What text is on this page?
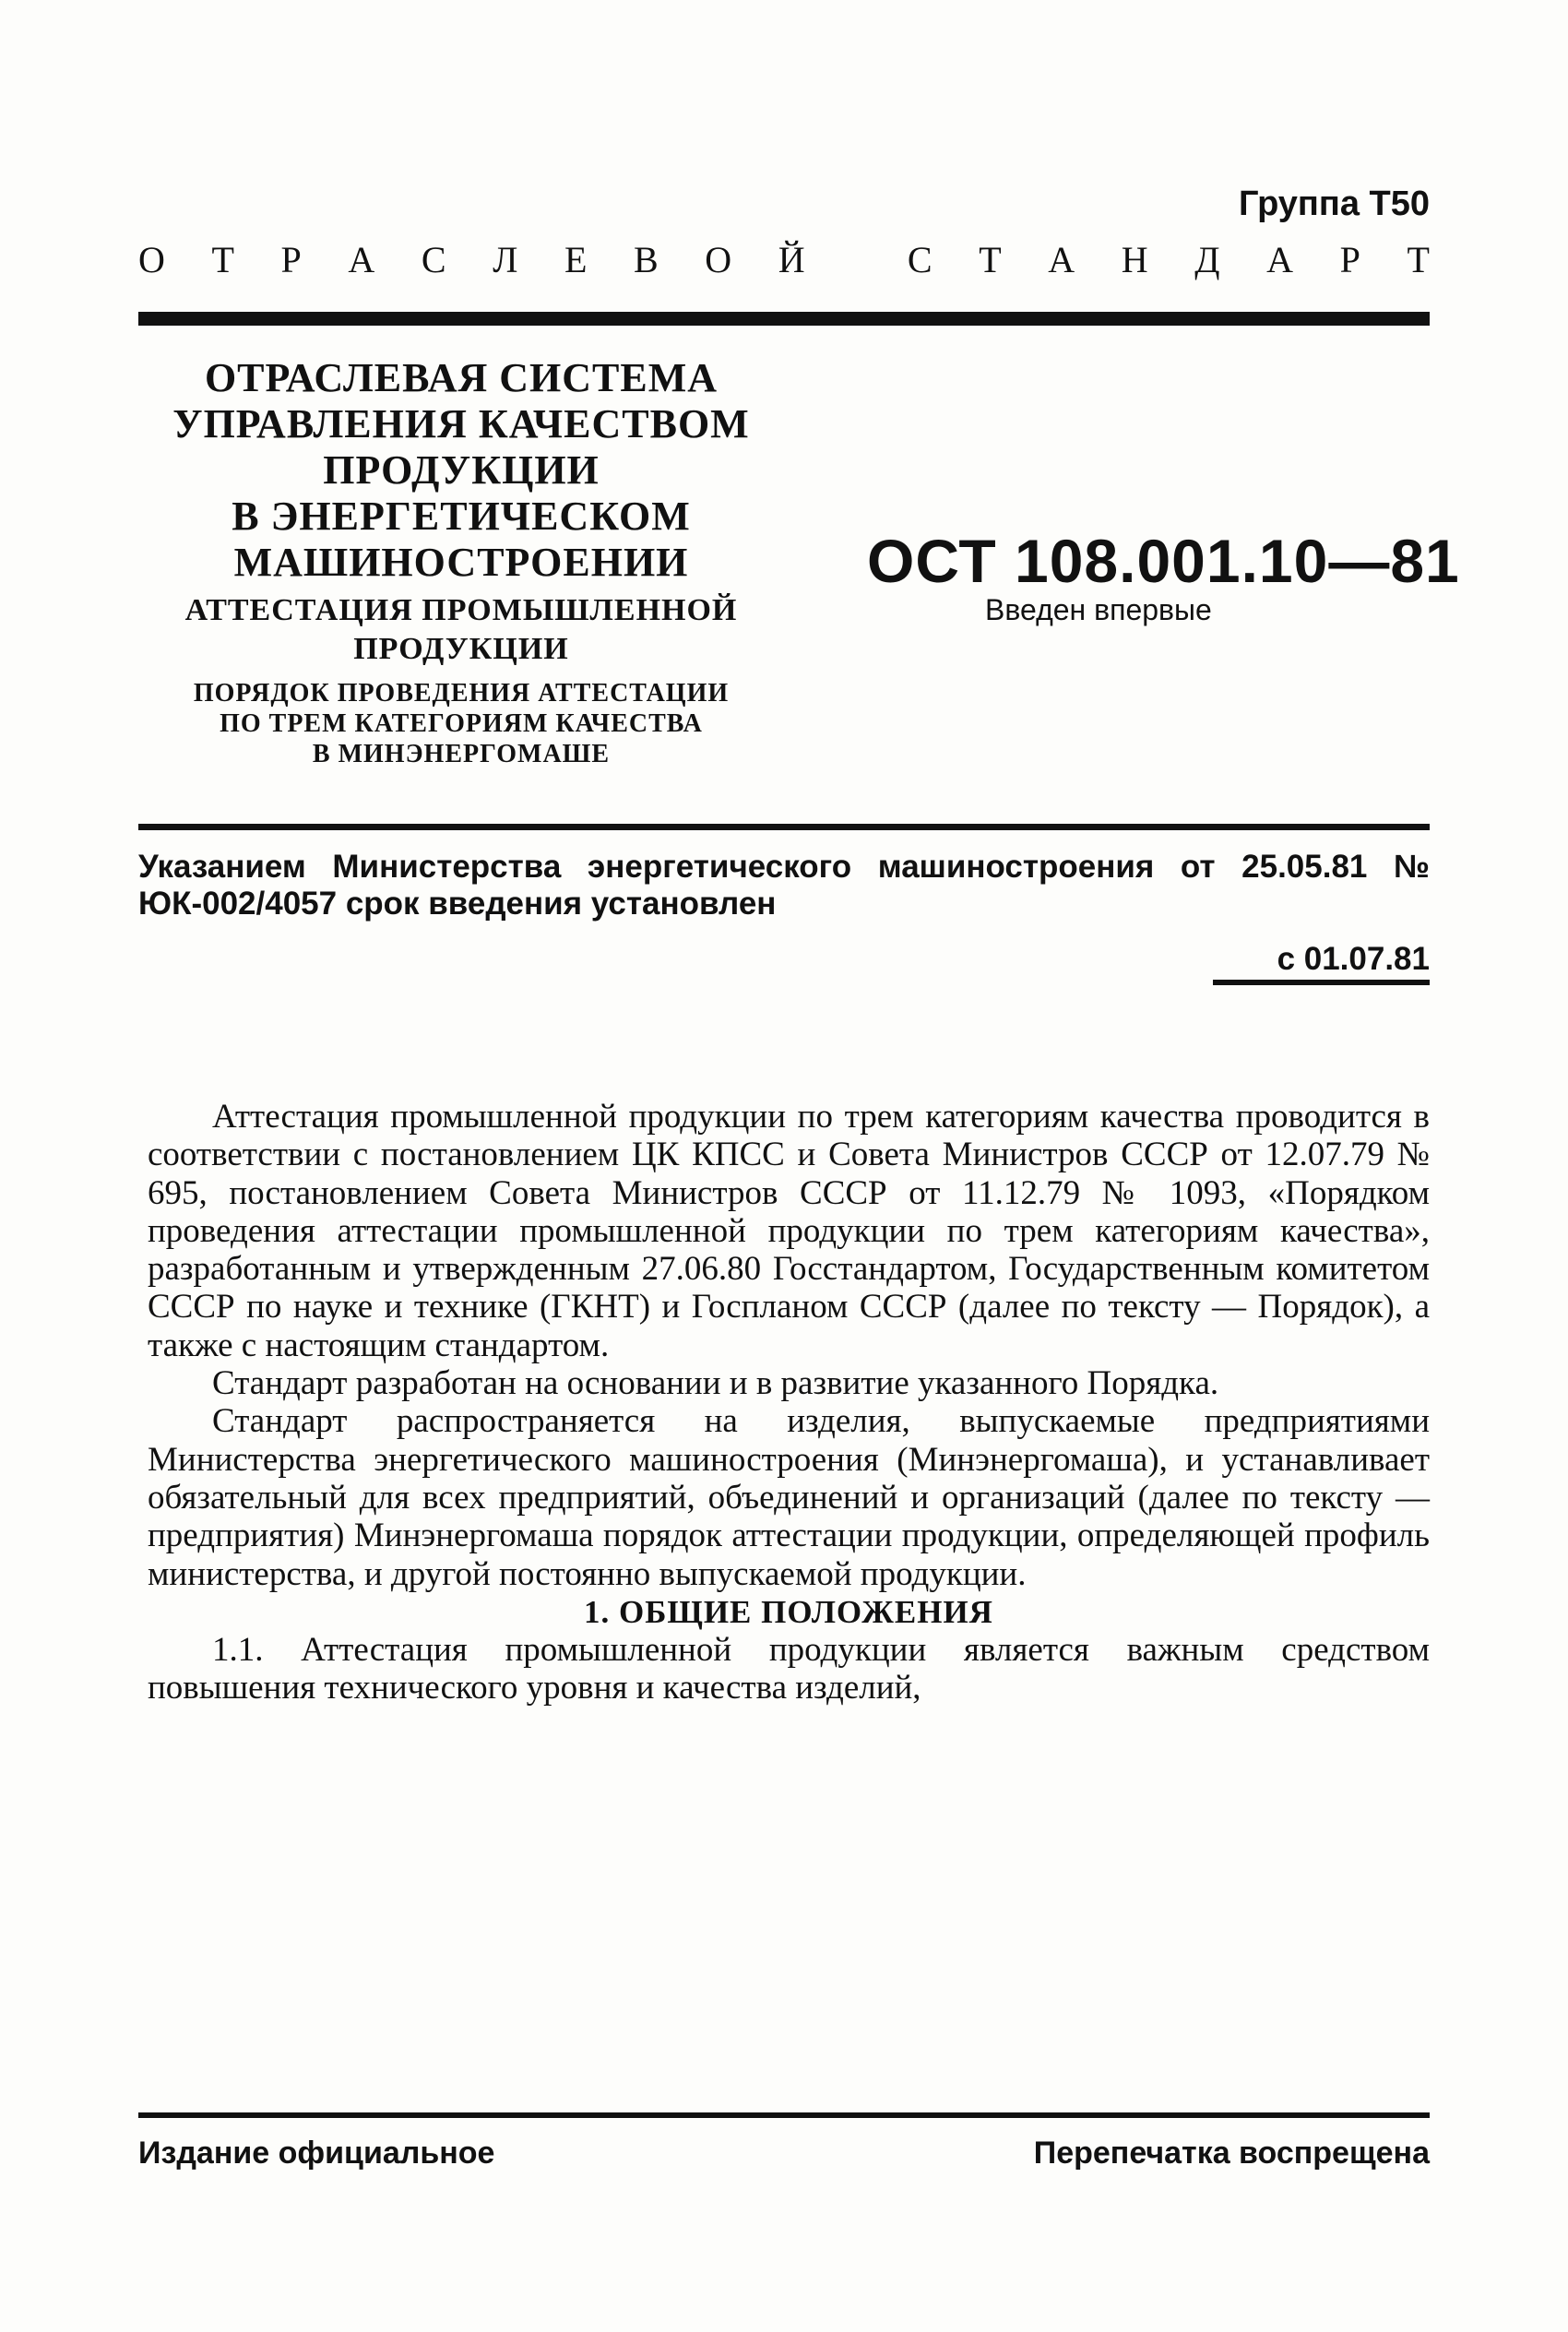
Группа Т50
О Т Р А С Л Е В О Й
	С Т А Н Д А Р Т
ОТРАСЛЕВАЯ СИСТЕМА
УПРАВЛЕНИЯ КАЧЕСТВОМ
ПРОДУКЦИИ
В ЭНЕРГЕТИЧЕСКОМ
МАШИНОСТРОЕНИИ
АТТЕСТАЦИЯ ПРОМЫШЛЕННОЙ
ПРОДУКЦИИ
ПОРЯДОК ПРОВЕДЕНИЯ АТТЕСТАЦИИ
ПО ТРЕМ КАТЕГОРИЯМ КАЧЕСТВА
В МИНЭНЕРГОМАШЕ
ОСТ 108.001.10—81
Введен впервые
Указанием Министерства энергетического машиностроения от 25.05.81 № ЮК-002/4057 срок введения установлен
с 01.07.81

Аттестация промышленной продукции по трем категориям качества проводится в соответствии с постановлением ЦК КПСС и Совета Министров СССР от 12.07.79 № 695, постановлением Совета Министров СССР от 11.12.79 № 1093, «Порядком проведения аттестации промышленной продукции по трем категориям качества», разработанным и утвержденным 27.06.80 Госстандартом, Государственным комитетом СССР по науке и технике (ГКНТ) и Госпланом СССР (далее по тексту — Порядок), а также с настоящим стандартом.

Стандарт разработан на основании и в развитие указанного Порядка.

Стандарт распространяется на изделия, выпускаемые предприятиями Министерства энергетического машиностроения (Минэнергомаша), и устанавливает обязательный для всех предприятий, объединений и организаций (далее по тексту — предприятия) Минэнергомаша порядок аттестации продукции, определяющей профиль министерства, и другой постоянно выпускаемой продукции.

1. ОБЩИЕ ПОЛОЖЕНИЯ

1.1. Аттестация промышленной продукции является важным средством повышения технического уровня и качества изделий,

Издание официальное	Перепечатка воспрещена
